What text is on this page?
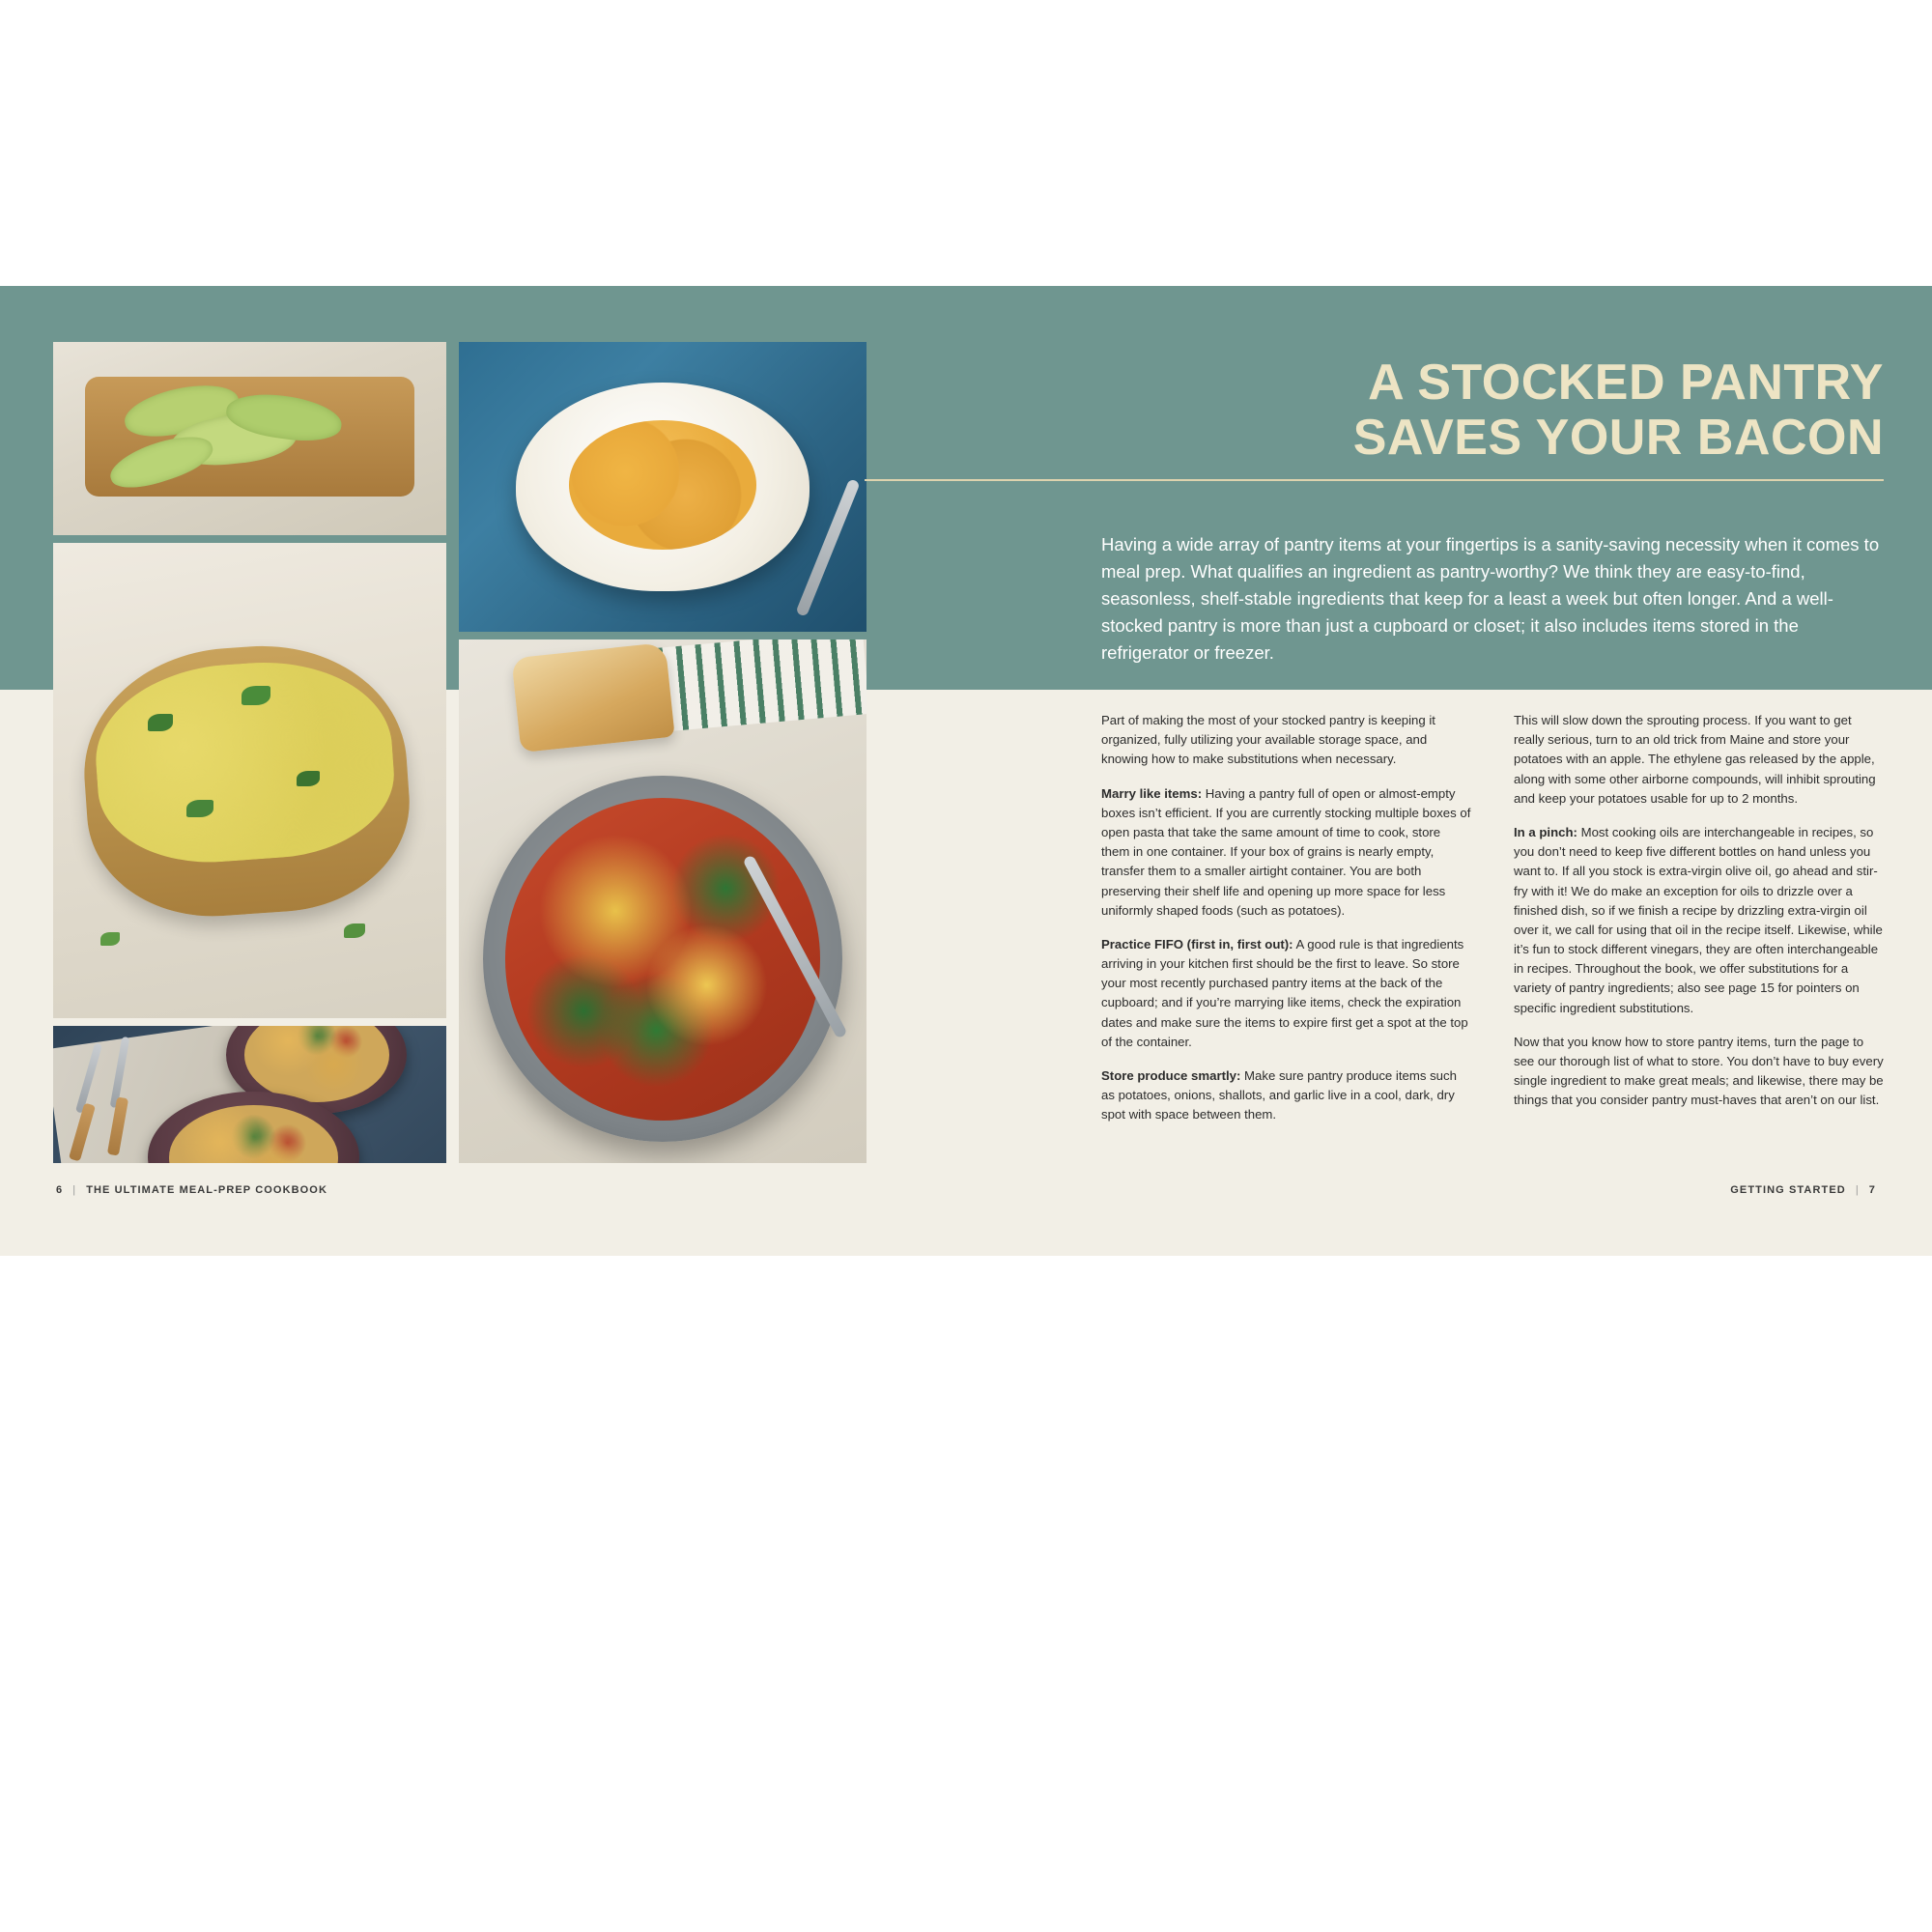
6 | THE ULTIMATE MEAL-PREP COOKBOOK
A STOCKED PANTRY
SAVES YOUR BACON

Having a wide array of pantry items at your fingertips is a sanity-saving necessity when it comes to meal prep. What qualifies an ingredient as pantry-worthy? We think they are easy-to-find, seasonless, shelf-stable ingredients that keep for a least a week but often longer. And a well-stocked pantry is more than just a cupboard or closet; it also includes items stored in the refrigerator or freezer.

Part of making the most of your stocked pantry is keeping it organized, fully utilizing your available storage space, and knowing how to make substitutions when necessary.

Marry like items: Having a pantry full of open or almost-empty boxes isn’t efficient. If you are currently stocking multiple boxes of open pasta that take the same amount of time to cook, store them in one container. If your box of grains is nearly empty, transfer them to a smaller airtight container. You are both preserving their shelf life and opening up more space for less uniformly shaped foods (such as potatoes).

Practice FIFO (first in, first out): A good rule is that ingredients arriving in your kitchen first should be the first to leave. So store your most recently purchased pantry items at the back of the cupboard; and if you’re marrying like items, check the expiration dates and make sure the items to expire first get a spot at the top of the container.

Store produce smartly: Make sure pantry produce items such as potatoes, onions, shallots, and garlic live in a cool, dark, dry spot with space between them.

This will slow down the sprouting process. If you want to get really serious, turn to an old trick from Maine and store your potatoes with an apple. The ethylene gas released by the apple, along with some other airborne compounds, will inhibit sprouting and keep your potatoes usable for up to 2 months.

In a pinch: Most cooking oils are interchangeable in recipes, so you don’t need to keep five different bottles on hand unless you want to. If all you stock is extra-virgin olive oil, go ahead and stir-fry with it! We do make an exception for oils to drizzle over a finished dish, so if we finish a recipe by drizzling extra-virgin oil over it, we call for using that oil in the recipe itself. Likewise, while it’s fun to stock different vinegars, they are often interchangeable in recipes. Throughout the book, we offer substitutions for a variety of pantry ingredients; also see page 15 for pointers on specific ingredient substitutions.

Now that you know how to store pantry items, turn the page to see our thorough list of what to store. You don’t have to buy every single ingredient to make great meals; and likewise, there may be things that you consider pantry must-haves that aren’t on our list.

GETTING STARTED | 7
